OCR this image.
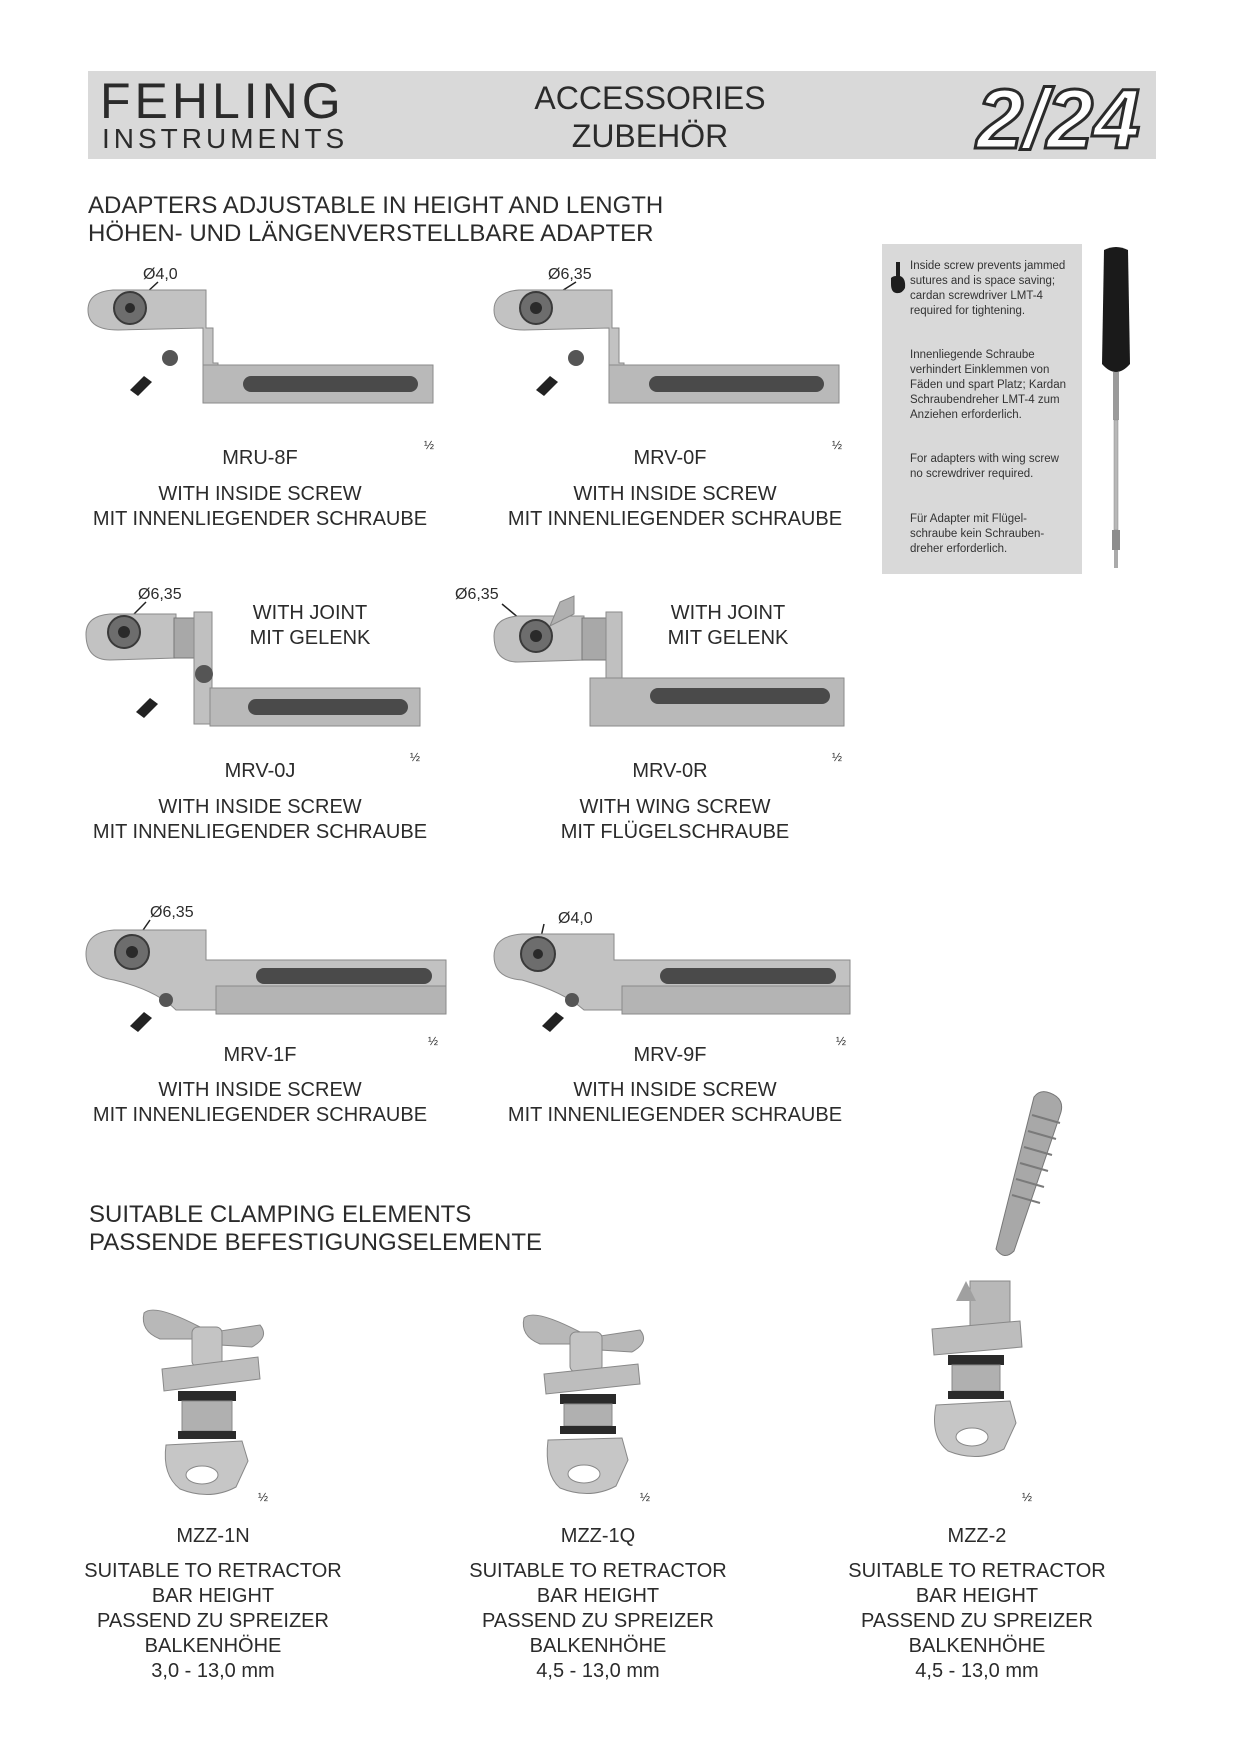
FEHLING
INSTRUMENTS
ACCESSORIES
ZUBEHÖR	2/24
ADAPTERS ADJUSTABLE IN HEIGHT AND LENGTH
HÖHEN- UND LÄNGENVERSTELLBARE ADAPTER
Ø4,0
½
MRU-8F
WITH INSIDE SCREW
MIT INNENLIEGENDER SCHRAUBE
Ø6,35
½
MRV-0F
WITH INSIDE SCREW
MIT INNENLIEGENDER SCHRAUBE
Inside screw prevents jammed sutures and is space saving; cardan screwdriver LMT-4 required for tightening.
Innenliegende Schraube verhindert Einklemmen von Fäden und spart Platz; Kardan Schraubendreher LMT-4 zum Anziehen erforderlich.
For adapters with wing screw no screwdriver required.
Für Adapter mit Flügel-schraube kein Schrauben-dreher erforderlich.
Ø6,35
WITH JOINT
MIT GELENK
½
MRV-0J
WITH INSIDE SCREW
MIT INNENLIEGENDER SCHRAUBE
Ø6,35
WITH JOINT
MIT GELENK
½
MRV-0R
WITH WING SCREW
MIT FLÜGELSCHRAUBE
Ø6,35
½
MRV-1F
WITH INSIDE SCREW
MIT INNENLIEGENDER SCHRAUBE
Ø4,0
½
MRV-9F
WITH INSIDE SCREW
MIT INNENLIEGENDER SCHRAUBE
SUITABLE CLAMPING ELEMENTS
PASSENDE BEFESTIGUNGSELEMENTE
½
MZZ-1N
SUITABLE TO RETRACTOR
BAR HEIGHT
PASSEND ZU SPREIZER
BALKENHÖHE
3,0 - 13,0 mm
½
MZZ-1Q
SUITABLE TO RETRACTOR
BAR HEIGHT
PASSEND ZU SPREIZER
BALKENHÖHE
4,5 - 13,0 mm
½
MZZ-2
SUITABLE TO RETRACTOR
BAR HEIGHT
PASSEND ZU SPREIZER
BALKENHÖHE
4,5 - 13,0 mm
